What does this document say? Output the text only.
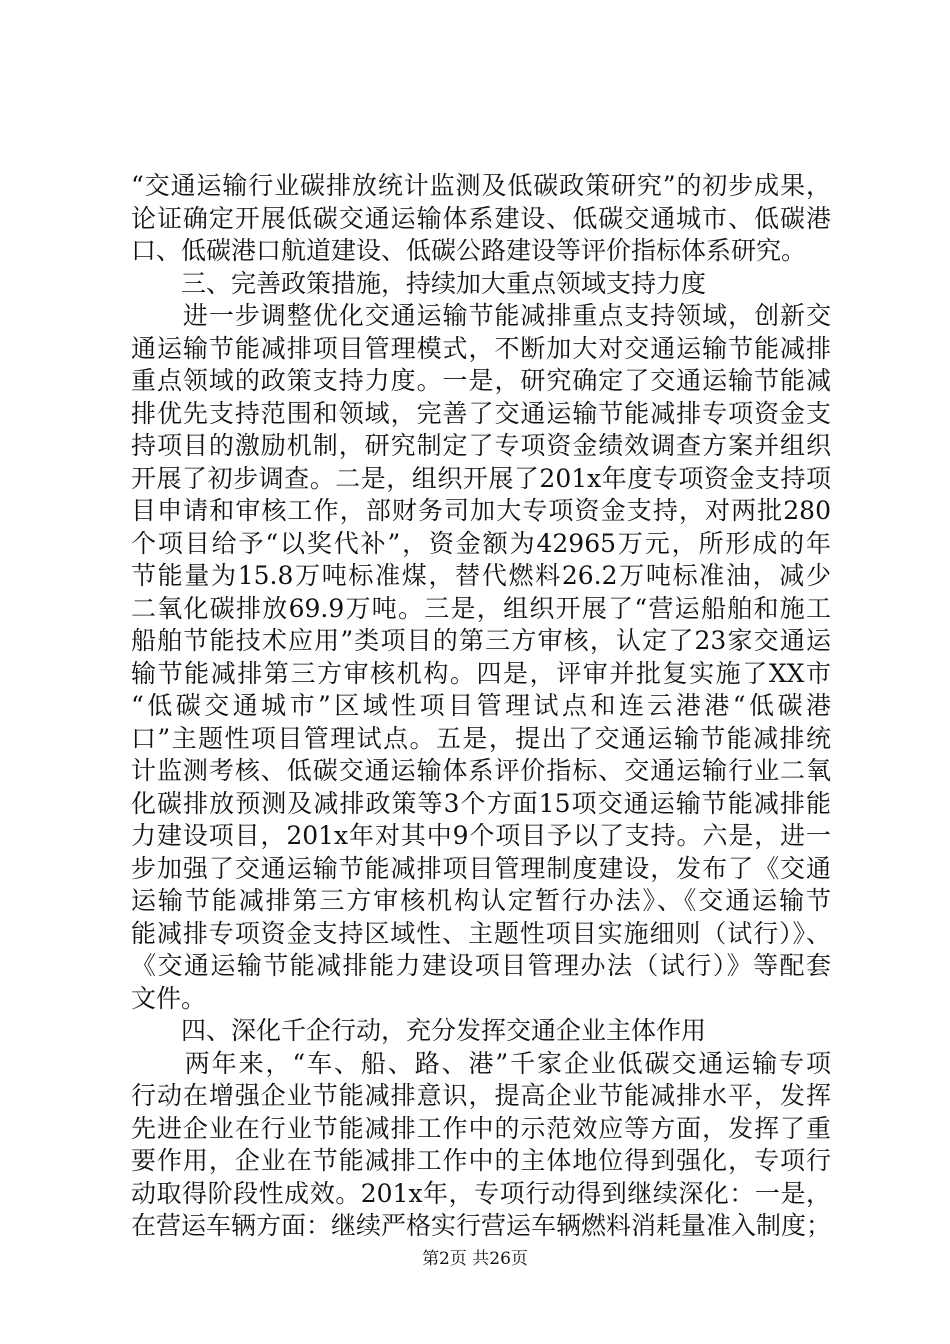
“交通运输行业碳排放统计监测及低碳政策研究”的初步成果，
论证确定开展低碳交通运输体系建设、低碳交通城市、低碳港
口、低碳港口航道建设、低碳公路建设等评价指标体系研究。
　　三、完善政策措施，持续加大重点领域支持力度
　　进一步调整优化交通运输节能减排重点支持领域，创新交
通运输节能减排项目管理模式，不断加大对交通运输节能减排
重点领域的政策支持力度。一是，研究确定了交通运输节能减
排优先支持范围和领域，完善了交通运输节能减排专项资金支
持项目的激励机制，研究制定了专项资金绩效调查方案并组织
开展了初步调查。二是，组织开展了201x年度专项资金支持项
目申请和审核工作，部财务司加大专项资金支持，对两批280
个项目给予“以奖代补”，资金额为42965万元，所形成的年
节能量为15.8万吨标准煤，替代燃料26.2万吨标准油，减少
二氧化碳排放69.9万吨。三是，组织开展了“营运船舶和施工
船舶节能技术应用”类项目的第三方审核，认定了23家交通运
输节能减排第三方审核机构。四是，评审并批复实施了XX市
“低碳交通城市”区域性项目管理试点和连云港港“低碳港
口”主题性项目管理试点。五是，提出了交通运输节能减排统
计监测考核、低碳交通运输体系评价指标、交通运输行业二氧
化碳排放预测及减排政策等3个方面15项交通运输节能减排能
力建设项目，201x年对其中9个项目予以了支持。六是，进一
步加强了交通运输节能减排项目管理制度建设，发布了《交通
运输节能减排第三方审核机构认定暂行办法》、《交通运输节
能减排专项资金支持区域性、主题性项目实施细则（试行）》、
《交通运输节能减排能力建设项目管理办法（试行）》等配套
文件。
　　四、深化千企行动，充分发挥交通企业主体作用
　　两年来，“车、船、路、港”千家企业低碳交通运输专项
行动在增强企业节能减排意识，提高企业节能减排水平，发挥
先进企业在行业节能减排工作中的示范效应等方面，发挥了重
要作用，企业在节能减排工作中的主体地位得到强化，专项行
动取得阶段性成效。201x年，专项行动得到继续深化：一是，
在营运车辆方面：继续严格实行营运车辆燃料消耗量准入制度；
第2页 共26页
